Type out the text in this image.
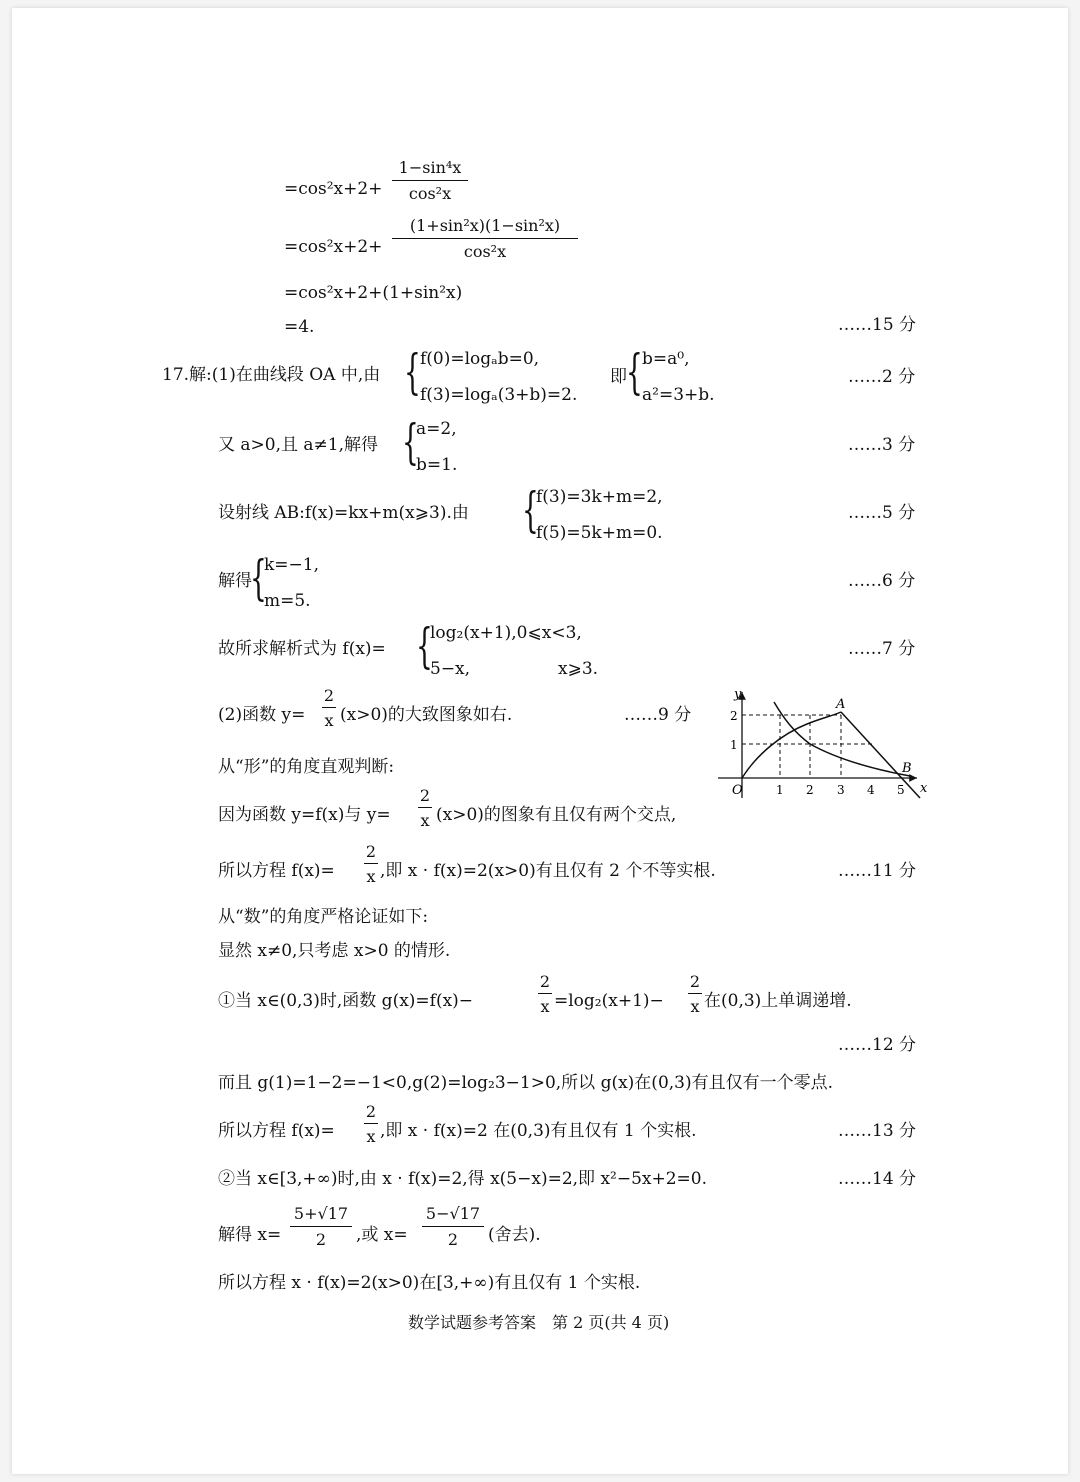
=cos²x+2+
1−sin⁴x
cos²x
=cos²x+2+
(1+sin²x)(1−sin²x)
cos²x
=cos²x+2+(1+sin²x)
=4.	……15 分
17.解:(1)在曲线段 OA 中,由 { f(0)=logₐb=0,
f(3)=logₐ(3+b)=2.
即 { b=a⁰,
a²=3+b.
……2 分
又 a>0,且 a≠1,解得 {
a=2,
b=1.
……3 分
设射线 AB:f(x)=kx+m(x⩾3).由 {
f(3)=3k+m=2,
f(5)=5k+m=0.
……5 分
解得
{
k=−1,
m=5.
……6 分
故所求解析式为 f(x)= {
log₂(x+1),0⩽x<3,
5−x,	x⩾3.
……7 分
(2)函数 y=
2
x (x>0)的大致图象如右.	……9 分
y
x
O
A
B
2
1
1 2 3 4 5
从“形”的角度直观判断:
因为函数 y=f(x)与 y=
2
x (x>0)的图象有且仅有两个交点,
所以方程 f(x)=
2
x ,即 x · f(x)=2(x>0)有且仅有 2 个不等实根.	……11 分
从“数”的角度严格论证如下:
显然 x≠0,只考虑 x>0 的情形.
①当 x∈(0,3)时,函数 g(x)=f(x)−
2
x =log₂(x+1)−
2
x 在(0,3)上单调递增.
……12 分
而且 g(1)=1−2=−1<0,g(2)=log₂3−1>0,所以 g(x)在(0,3)有且仅有一个零点.
所以方程 f(x)=
2
x ,即 x · f(x)=2 在(0,3)有且仅有 1 个实根.	……13 分
②当 x∈[3,+∞)时,由 x · f(x)=2,得 x(5−x)=2,即 x²−5x+2=0.	……14 分
解得 x=
5+√17
2	,或 x=
5−√17
2	(舍去).
所以方程 x · f(x)=2(x>0)在[3,+∞)有且仅有 1 个实根.
数学试题参考答案　第 2 页(共 4 页)
